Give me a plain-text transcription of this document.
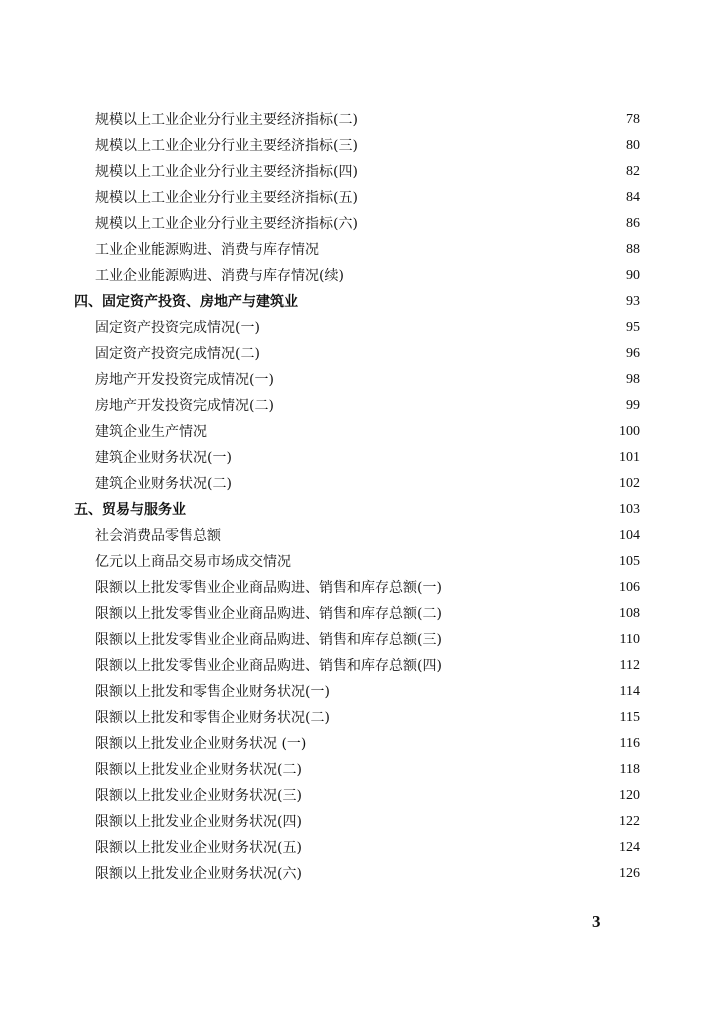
规模以上工业企业分行业主要经济指标(二)	78
规模以上工业企业分行业主要经济指标(三)	80
规模以上工业企业分行业主要经济指标(四)	82
规模以上工业企业分行业主要经济指标(五)	84
规模以上工业企业分行业主要经济指标(六)	86
工业企业能源购进、消费与库存情况	88
工业企业能源购进、消费与库存情况(续)	90
四、固定资产投资、房地产与建筑业	93
固定资产投资完成情况(一)	95
固定资产投资完成情况(二)	96
房地产开发投资完成情况(一)	98
房地产开发投资完成情况(二)	99
建筑企业生产情况	100
建筑企业财务状况(一)	101
建筑企业财务状况(二)	102
五、贸易与服务业	103
社会消费品零售总额	104
亿元以上商品交易市场成交情况	105
限额以上批发零售业企业商品购进、销售和库存总额(一)	106
限额以上批发零售业企业商品购进、销售和库存总额(二)	108
限额以上批发零售业企业商品购进、销售和库存总额(三)	110
限额以上批发零售业企业商品购进、销售和库存总额(四)	112
限额以上批发和零售企业财务状况(一)	114
限额以上批发和零售企业财务状况(二)	115
限额以上批发业企业财务状况 (一)	116
限额以上批发业企业财务状况(二)	118
限额以上批发业企业财务状况(三)	120
限额以上批发业企业财务状况(四)	122
限额以上批发业企业财务状况(五)	124
限额以上批发业企业财务状况(六)	126
3
